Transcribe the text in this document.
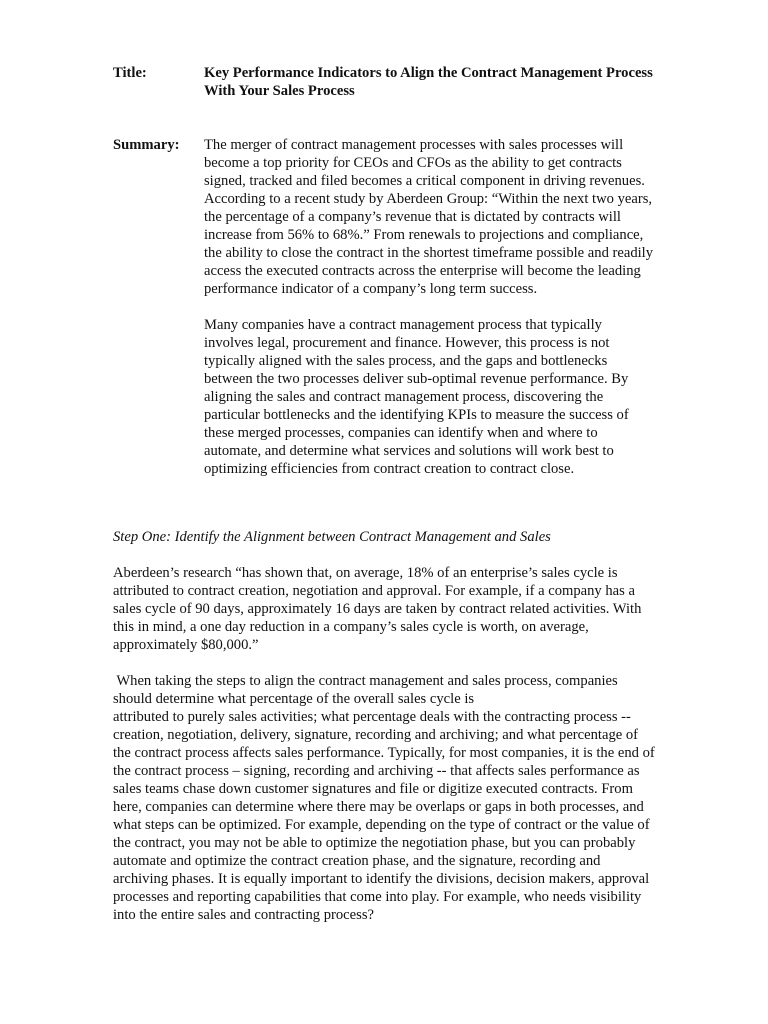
Title:	Key Performance Indicators to Align the Contract Management Process With Your Sales Process
Summary: The merger of contract management processes with sales processes will become a top priority for CEOs and CFOs as the ability to get contracts signed, tracked and filed becomes a critical component in driving revenues. According to a recent study by Aberdeen Group: “Within the next two years, the percentage of a company’s revenue that is dictated by contracts will increase from 56% to 68%.” From renewals to projections and compliance, the ability to close the contract in the shortest timeframe possible and readily access the executed contracts across the enterprise will become the leading performance indicator of a company’s long term success.

Many companies have a contract management process that typically involves legal, procurement and finance. However, this process is not typically aligned with the sales process, and the gaps and bottlenecks between the two processes deliver sub-optimal revenue performance. By aligning the sales and contract management process, discovering the particular bottlenecks and the identifying KPIs to measure the success of these merged processes, companies can identify when and where to automate, and determine what services and solutions will work best to optimizing efficiencies from contract creation to contract close.

Step One: Identify the Alignment between Contract Management and Sales

Aberdeen’s research “has shown that, on average, 18% of an enterprise’s sales cycle is attributed to contract creation, negotiation and approval. For example, if a company has a sales cycle of 90 days, approximately 16 days are taken by contract related activities. With this in mind, a one day reduction in a company’s sales cycle is worth, on average, approximately $80,000.”

When taking the steps to align the contract management and sales process, companies
should determine what percentage of the overall sales cycle is
attributed to purely sales activities; what percentage deals with the contracting process -- creation, negotiation, delivery, signature, recording and archiving; and what percentage of the contract process affects sales performance. Typically, for most companies, it is the end of the contract process – signing, recording and archiving -- that affects sales performance as sales teams chase down customer signatures and file or digitize executed contracts. From here, companies can determine where there may be overlaps or gaps in both processes, and what steps can be optimized. For example, depending on the type of contract or the value of the contract, you may not be able to optimize the negotiation phase, but you can probably automate and optimize the contract creation phase, and the signature, recording and archiving phases. It is equally important to identify the divisions, decision makers, approval processes and reporting capabilities that come into play. For example, who needs visibility into the entire sales and contracting process?
